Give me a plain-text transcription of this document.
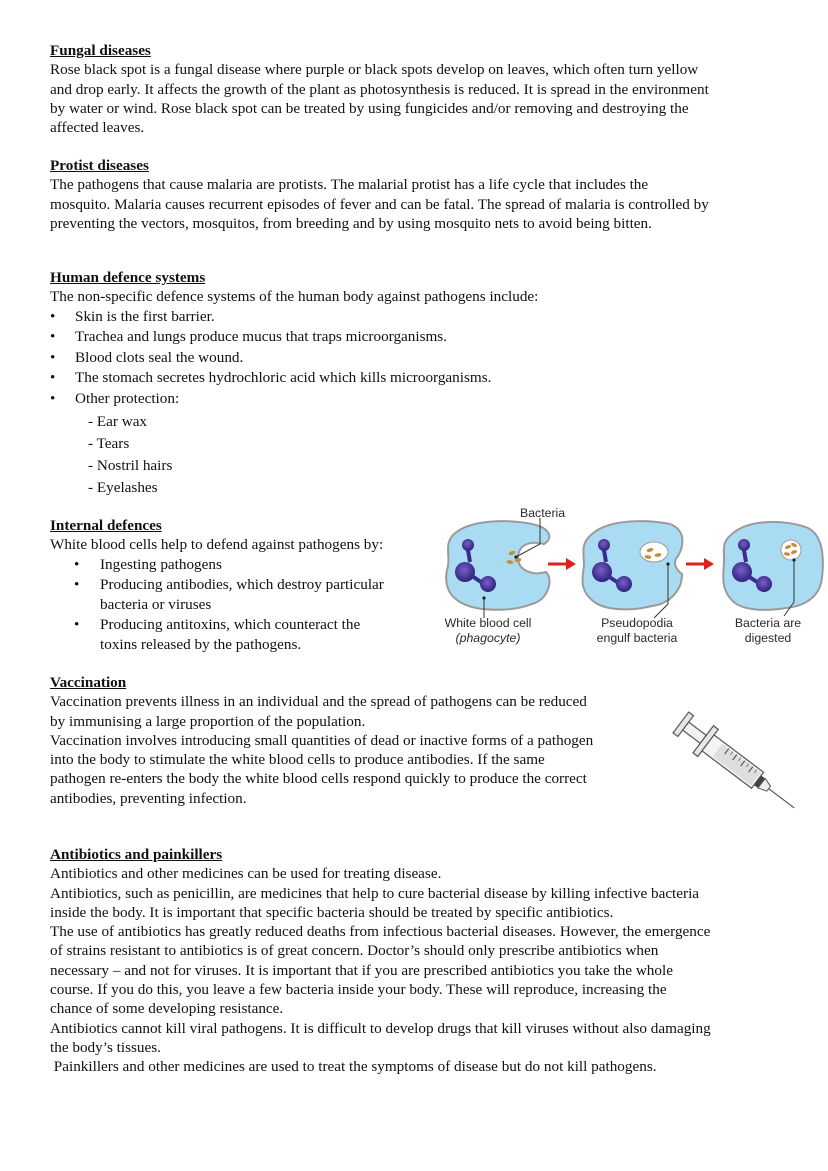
Fungal diseases
Rose black spot is a fungal disease where purple or black spots develop on leaves, which often turn yellow
and drop early. It affects the growth of the plant as photosynthesis is reduced. It is spread in the environment
by water or wind. Rose black spot can be treated by using fungicides and/or removing and destroying the
affected leaves.
Protist diseases
The pathogens that cause malaria are protists. The malarial protist has a life cycle that includes the
mosquito. Malaria causes recurrent episodes of fever and can be fatal. The spread of malaria is controlled by
preventing the vectors, mosquitos, from breeding and by using mosquito nets to avoid being bitten.
Human defence systems
The non-specific defence systems of the human body against pathogens include:
• Skin is the first barrier.
• Trachea and lungs produce mucus that traps microorganisms.
• Blood clots seal the wound.
• The stomach secretes hydrochloric acid which kills microorganisms.
• Other protection:
- Ear wax
- Tears
- Nostril hairs
- Eyelashes
Internal defences
White blood cells help to defend against pathogens by:
• Ingesting pathogens
• Producing antibodies, which destroy particular
bacteria or viruses
• Producing antitoxins, which counteract the
toxins released by the pathogens.
Bacteria
White blood cell
(phagocyte)
Pseudopodia
engulf bacteria
Bacteria are
digested
Vaccination
Vaccination prevents illness in an individual and the spread of pathogens can be reduced
by immunising a large proportion of the population.
Vaccination involves introducing small quantities of dead or inactive forms of a pathogen
into the body to stimulate the white blood cells to produce antibodies. If the same
pathogen re-enters the body the white blood cells respond quickly to produce the correct
antibodies, preventing infection.
Antibiotics and painkillers
Antibiotics and other medicines can be used for treating disease.
Antibiotics, such as penicillin, are medicines that help to cure bacterial disease by killing infective bacteria
inside the body. It is important that specific bacteria should be treated by specific antibiotics.
The use of antibiotics has greatly reduced deaths from infectious bacterial diseases. However, the emergence
of strains resistant to antibiotics is of great concern. Doctor’s should only prescribe antibiotics when
necessary – and not for viruses. It is important that if you are prescribed antibiotics you take the whole
course. If you do this, you leave a few bacteria inside your body. These will reproduce, increasing the
chance of some developing resistance.
Antibiotics cannot kill viral pathogens. It is difficult to develop drugs that kill viruses without also damaging
the body’s tissues.
Painkillers and other medicines are used to treat the symptoms of disease but do not kill pathogens.
